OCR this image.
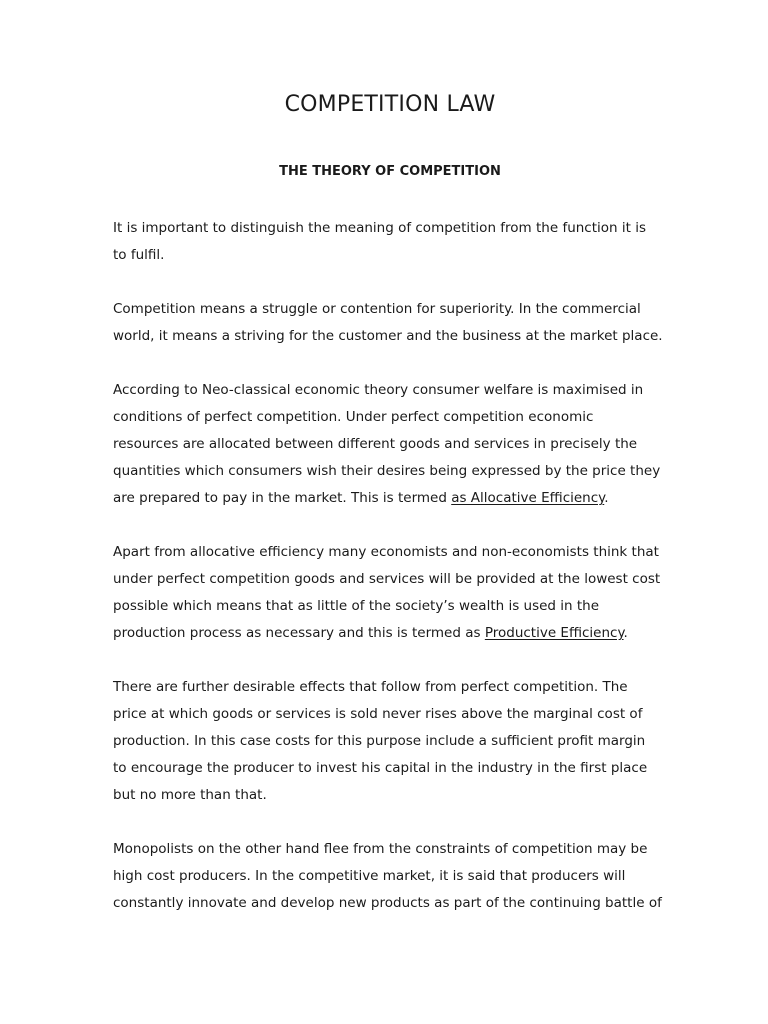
COMPETITION LAW
THE THEORY OF COMPETITION

It is important to distinguish the meaning of competition from the function it is
to fulfil.

Competition means a struggle or contention for superiority. In the commercial
world, it means a striving for the customer and the business at the market place.

According to Neo-classical economic theory consumer welfare is maximised in
conditions of perfect competition. Under perfect competition economic
resources are allocated between different goods and services in precisely the
quantities which consumers wish their desires being expressed by the price they
are prepared to pay in the market. This is termed as Allocative Efficiency.

Apart from allocative efficiency many economists and non-economists think that
under perfect competition goods and services will be provided at the lowest cost
possible which means that as little of the society’s wealth is used in the
production process as necessary and this is termed as Productive Efficiency.

There are further desirable effects that follow from perfect competition. The
price at which goods or services is sold never rises above the marginal cost of
production. In this case costs for this purpose include a sufficient profit margin
to encourage the producer to invest his capital in the industry in the first place
but no more than that.

Monopolists on the other hand flee from the constraints of competition may be
high cost producers. In the competitive market, it is said that producers will
constantly innovate and develop new products as part of the continuing battle of
